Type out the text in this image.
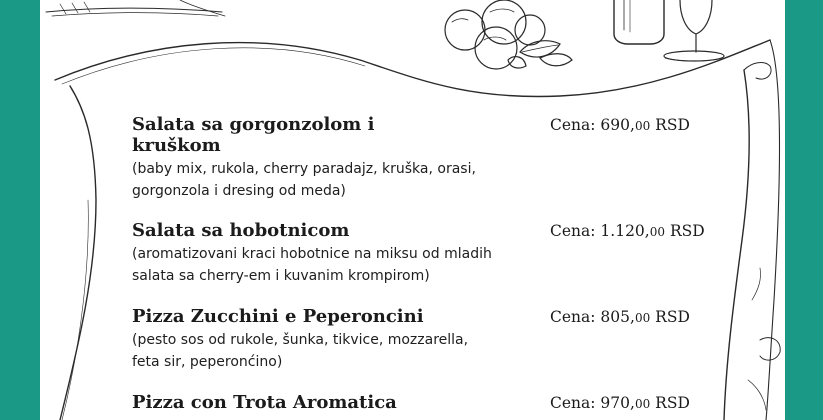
Salata sa gorgonzolom i kruškom
(baby mix, rukola, cherry paradajz, kruška, orasi, gorgonzola i dresing od meda)
Cena: 690,00 RSD
Salata sa hobotnicom
(aromatizovani kraci hobotnice na miksu od mladih salata sa cherry-em i kuvanim krompirom)
Cena: 1.120,00 RSD
Pizza Zucchini e Peperoncini
(pesto sos od rukole, šunka, tikvice, mozzarella, feta sir, peperonćino)
Cena: 805,00 RSD
Pizza con Trota Aromatica	Cena: 970,00 RSD
